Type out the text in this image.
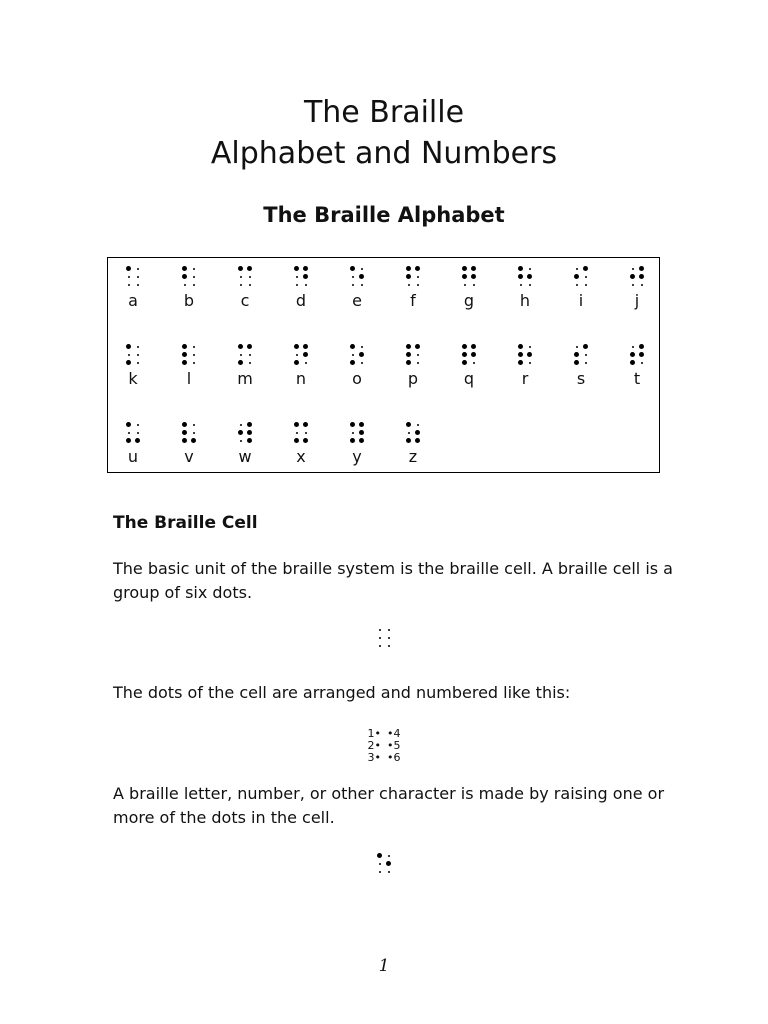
The Braille
Alphabet and Numbers
The Braille Alphabet
a	b	c	d	e	f	g	h	i	j
k	l	m	n	o	p	q	r	s	t
u	v	w	x	y	z
The Braille Cell

The basic unit of the braille system is the braille cell. A braille cell is a group of six dots.

The dots of the cell are arranged and numbered like this:

1• •4
2• •5
3• •6

A braille letter, number, or other character is made by raising one or more of the dots in the cell.

1
